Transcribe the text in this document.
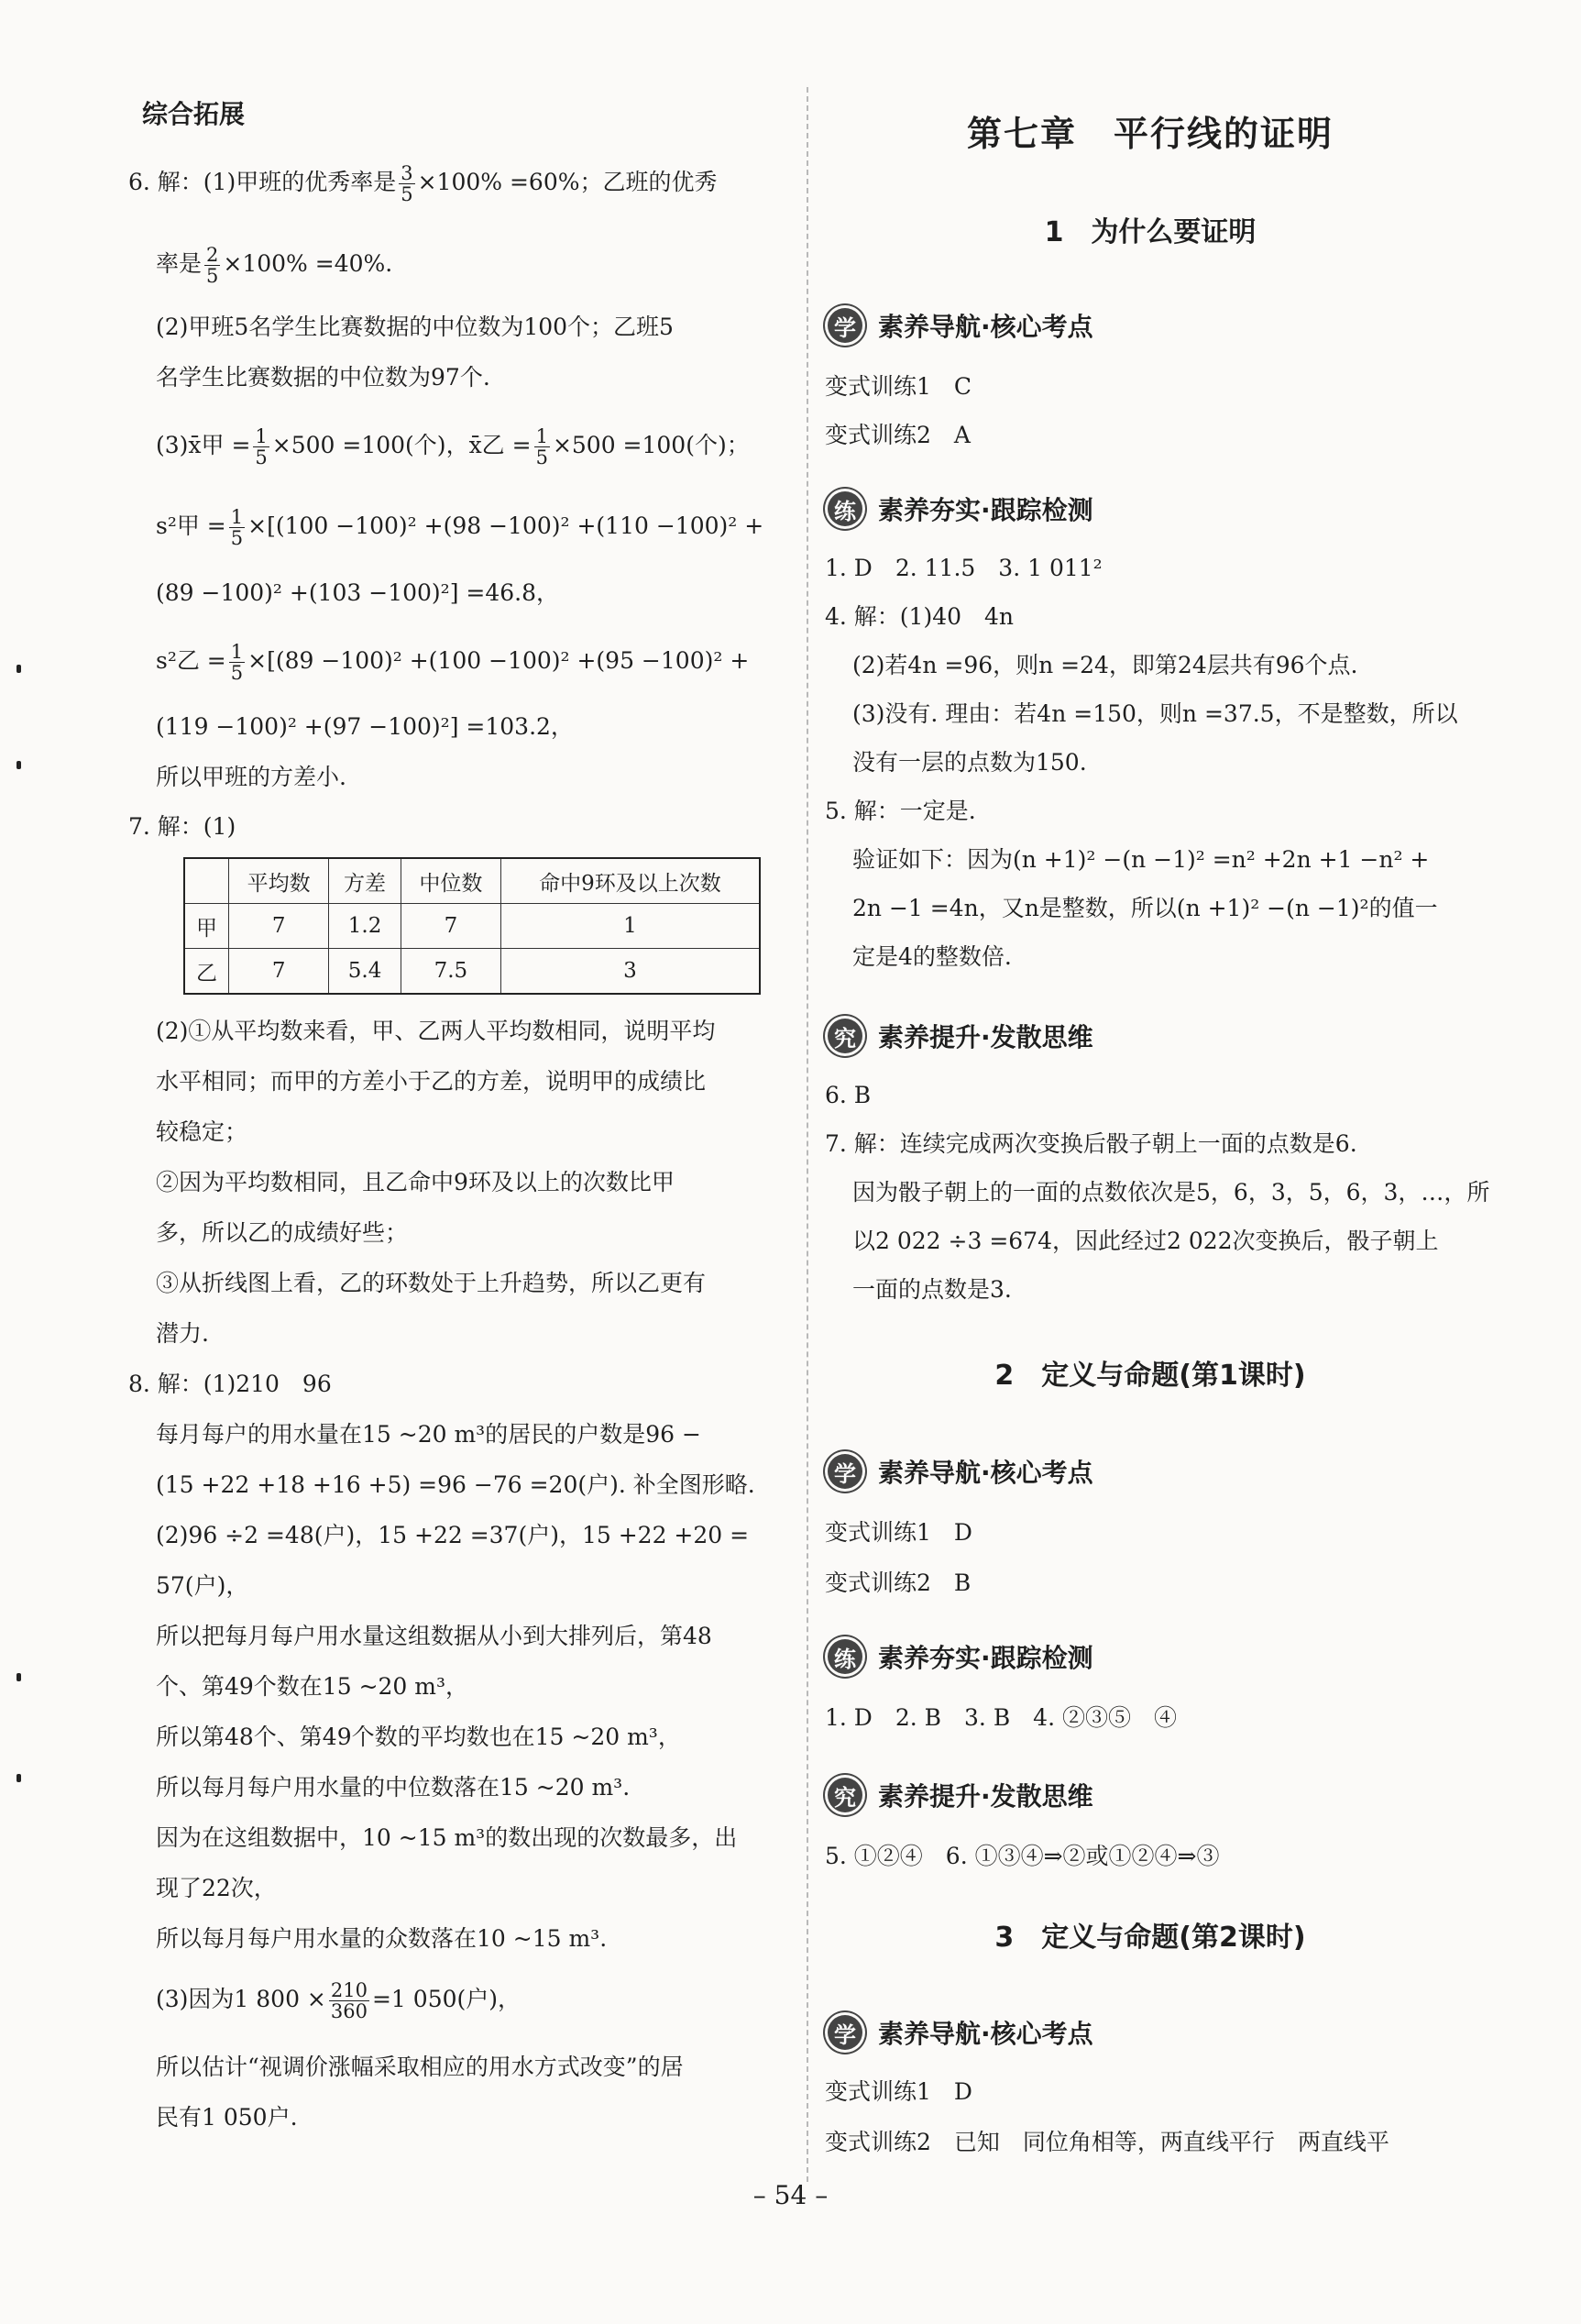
综合拓展
6. 解：(1)甲班的优秀率是 $\frac{3}{5} \times 100\% =60\%$；乙班的优秀
率是 $\frac{2}{5} \times 100\% =40\%$.
(2)甲班5名学生比赛数据的中位数为100个；乙班5
名学生比赛数据的中位数为97个.
(3)x̄甲 = $\frac{1}{5} \times 500 =100$(个)，x̄乙 = $\frac{1}{5} \times 500 =100$(个)；
s²甲 = $\frac{1}{5} \times[(100 -100)^2 +(98 -100)^2 +(110 -100)^2$ +
(89 −100)² +(103 −100)²] =46.8，
s²乙 = $\frac{1}{5} \times[(89 -100)^2 +(100 -100)^2 +(95 -100)^2$ +
(119 −100)² +(97 −100)²] =103.2，
所以甲班的方差小.
7. 解：(1)
	平均数	方差	中位数	命中9环及以上次数
甲	7	1.2	7	1
乙	7	5.4	7.5	3
(2)①从平均数来看，甲、乙两人平均数相同，说明平均
水平相同；而甲的方差小于乙的方差，说明甲的成绩比
较稳定；
②因为平均数相同，且乙命中9环及以上的次数比甲
多，所以乙的成绩好些；
③从折线图上看，乙的环数处于上升趋势，所以乙更有
潜力.
8. 解：(1)210　96
每月每户的用水量在15 ~20 m³的居民的户数是96 −
(15 +22 +18 +16 +5) =96 −76 =20(户). 补全图形略.
(2)96 ÷2 =48(户)，15 +22 =37(户)，15 +22 +20 =
57(户)，
所以把每月每户用水量这组数据从小到大排列后，第48
个、第49个数在15 ~20 m³，
所以第48个、第49个数的平均数也在15 ~20 m³，
所以每月每户用水量的中位数落在15 ~20 m³.
因为在这组数据中，10 ~15 m³的数出现的次数最多，出
现了22次，
所以每月每户用水量的众数落在10 ~15 m³.
(3)因为1 $800 \times \frac{210}{360} =1$ 050(户)，
所以估计“视调价涨幅采取相应的用水方式改变”的居
民有1 050户.
第七章　平行线的证明
1　为什么要证明
学 素养导航·核心考点
变式训练1　C
变式训练2　A
练 素养夯实·跟踪检测
1. D　2. 11.5　3. 1 011²
4. 解：(1)40　4n
(2)若4n =96，则n =24，即第24层共有96个点.
(3)没有. 理由：若4n =150，则n =37.5，不是整数，所以
没有一层的点数为150.
5. 解：一定是.
验证如下：因为(n +1)² −(n −1)² =n² +2n +1 −n² +
2n −1 =4n，又n是整数，所以(n +1)² −(n −1)²的值一
定是4的整数倍.
究 素养提升·发散思维
6. B
7. 解：连续完成两次变换后骰子朝上一面的点数是6.
因为骰子朝上的一面的点数依次是5，6，3，5，6，3，…，所
以2 022 ÷3 =674，因此经过2 022次变换后，骰子朝上
一面的点数是3.
2　定义与命题(第1课时)
学 素养导航·核心考点
变式训练1　D
变式训练2　B
练 素养夯实·跟踪检测
1. D　2. B　3. B　4. ②③⑤　④
究 素养提升·发散思维
5. ①②④　6. ①③④⇒②或①②④⇒③
3　定义与命题(第2课时)
学 素养导航·核心考点
变式训练1　D
变式训练2　已知　同位角相等，两直线平行　两直线平
– 54 –
